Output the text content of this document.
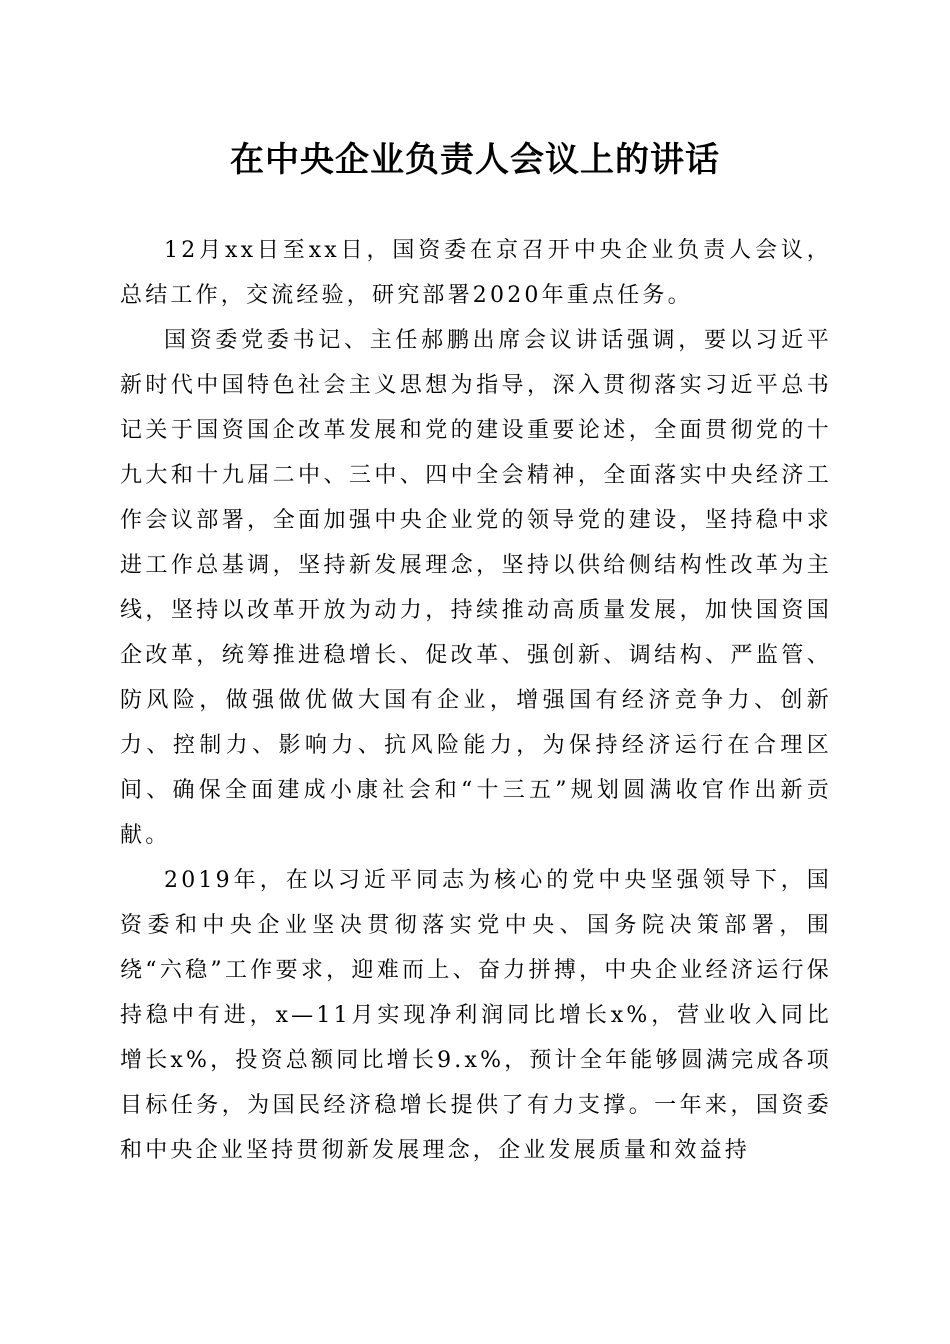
在中央企业负责人会议上的讲话

12月xx日至xx日，国资委在京召开中央企业负责人会议，总结工作，交流经验，研究部署2020年重点任务。

国资委党委书记、主任郝鹏出席会议讲话强调，要以习近平新时代中国特色社会主义思想为指导，深入贯彻落实习近平总书记关于国资国企改革发展和党的建设重要论述，全面贯彻党的十九大和十九届二中、三中、四中全会精神，全面落实中央经济工作会议部署，全面加强中央企业党的领导党的建设，坚持稳中求进工作总基调，坚持新发展理念，坚持以供给侧结构性改革为主线，坚持以改革开放为动力，持续推动高质量发展，加快国资国企改革，统筹推进稳增长、促改革、强创新、调结构、严监管、防风险，做强做优做大国有企业，增强国有经济竞争力、创新力、控制力、影响力、抗风险能力，为保持经济运行在合理区间、确保全面建成小康社会和“十三五”规划圆满收官作出新贡献。

2019年，在以习近平同志为核心的党中央坚强领导下，国资委和中央企业坚决贯彻落实党中央、国务院决策部署，围绕“六稳”工作要求，迎难而上、奋力拼搏，中央企业经济运行保持稳中有进，x—11月实现净利润同比增长x%，营业收入同比增长x%，投资总额同比增长9.x%，预计全年能够圆满完成各项目标任务，为国民经济稳增长提供了有力支撑。一年来，国资委和中央企业坚持贯彻新发展理念，企业发展质量和效益持
